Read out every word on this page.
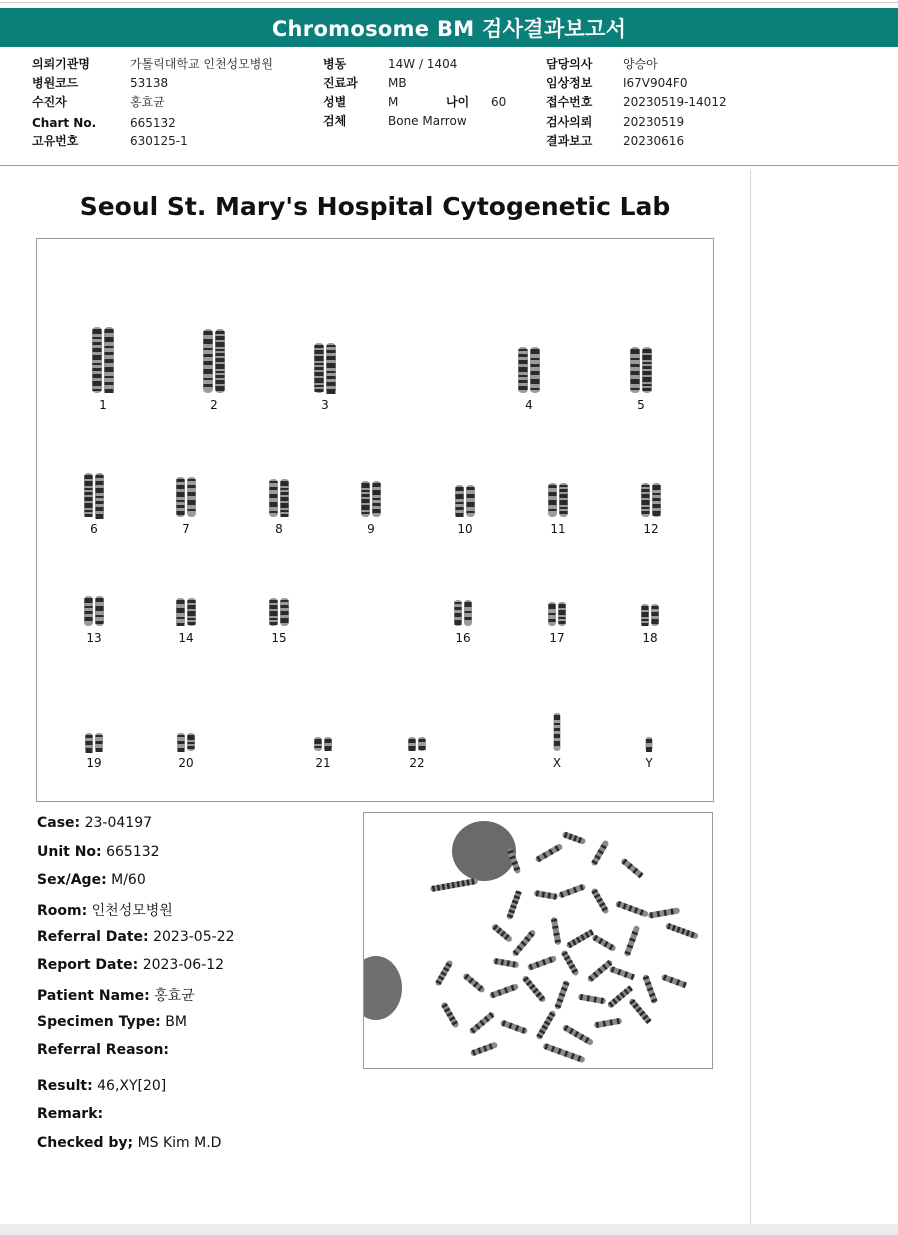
Chromosome BM 검사결과보고서
의뢰기관명	가톨릭대학교 인천성모병원
병원코드	53138
수진자	홍효균
Chart No.	665132
고유번호	630125-1
병동	14W / 1404
진료과	MB
성별	M	나이 60
검체	Bone Marrow
담당의사	양승아
임상정보	I67V904F0
접수번호	20230519-14012
검사의뢰	20230519
결과보고	20230616
Seoul St. Mary's Hospital Cytogenetic Lab
1	2	3	4	5
6	7	8	9	10	11	12
13	14	15	16	17	18
19	20	21	22	X	Y
Case: 23-04197
Unit No: 665132
Sex/Age: M/60
Room: 인천성모병원
Referral Date: 2023-05-22
Report Date: 2023-06-12
Patient Name: 홍효균
Specimen Type: BM
Referral Reason:
Result: 46,XY[20]
Remark:
Checked by; MS Kim M.D
